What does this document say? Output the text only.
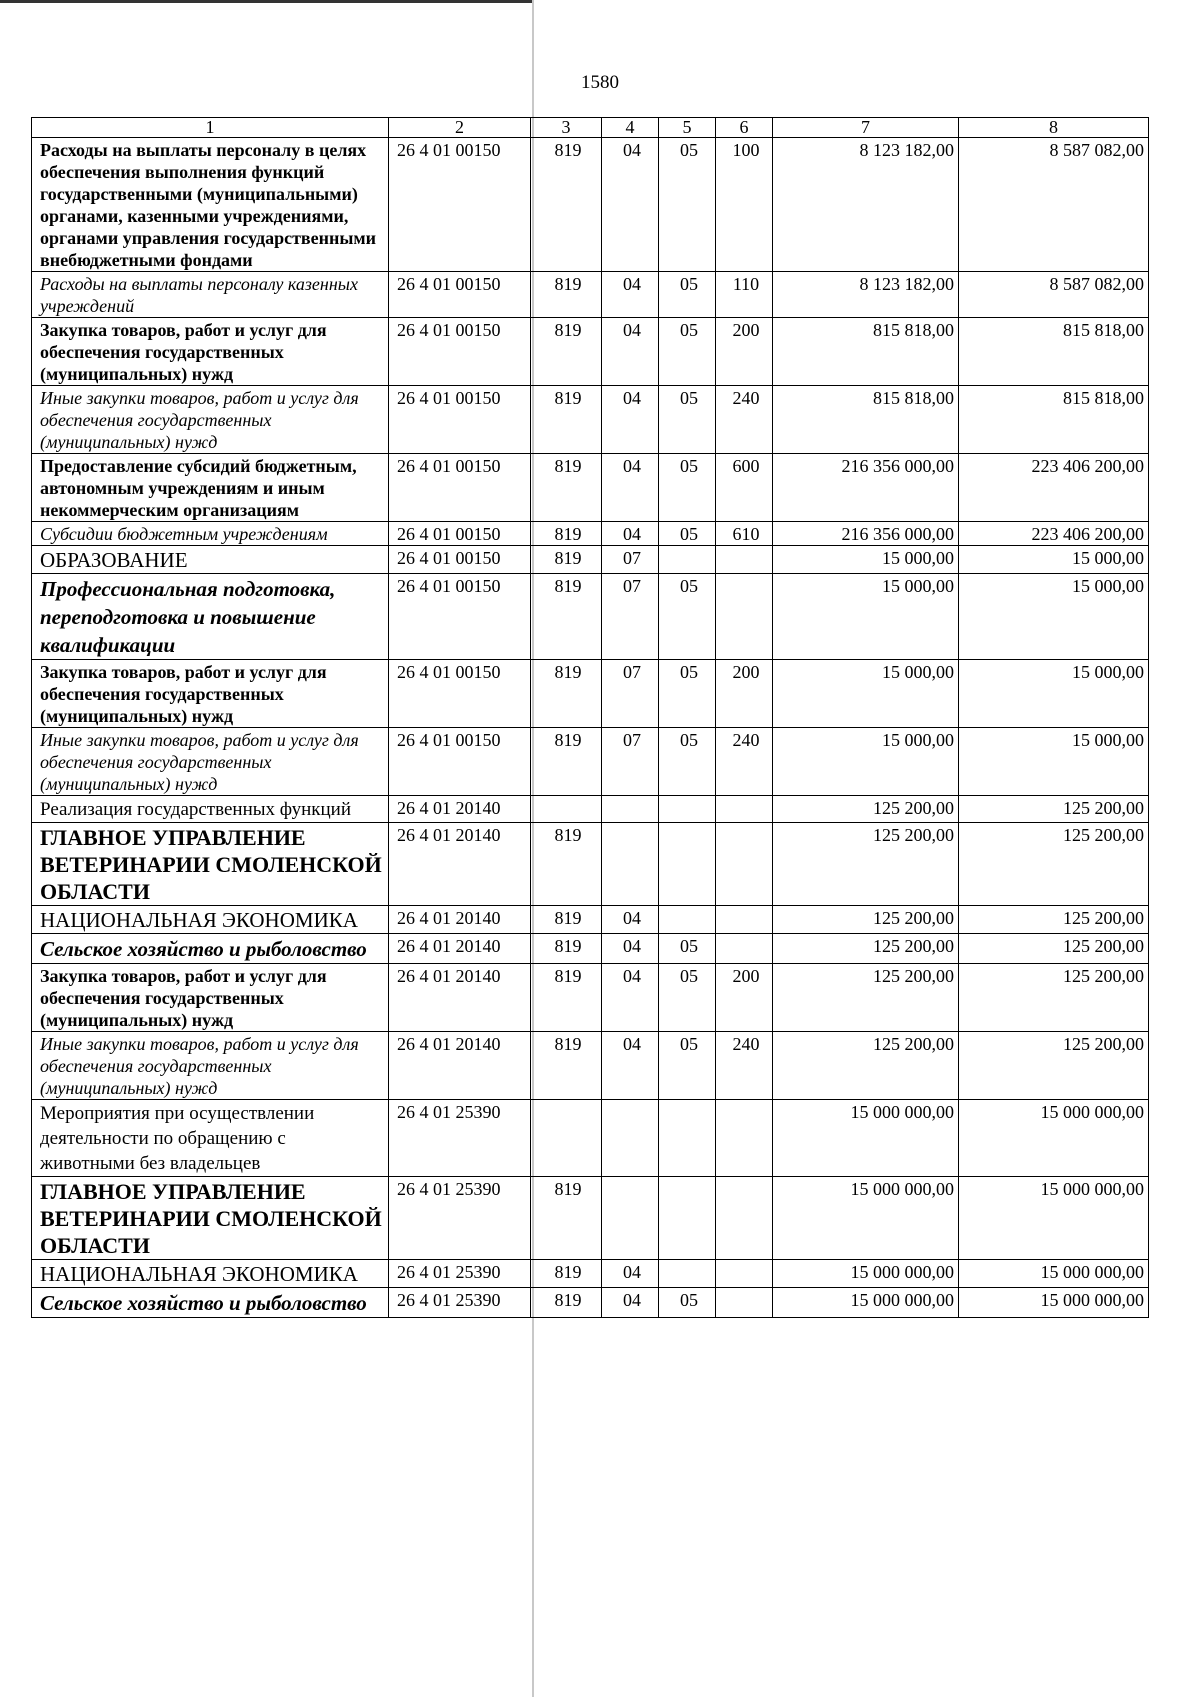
1580
1	2	3	4	5	6	7	8
Расходы на выплаты персоналу в целях обеспечения выполнения функций государственными (муниципальными) органами, казенными учреждениями, органами управления государственными внебюджетными фондами	26 4 01 00150	819	04	05	100	8 123 182,00	8 587 082,00
Расходы на выплаты персоналу казенных учреждений	26 4 01 00150	819	04	05	110	8 123 182,00	8 587 082,00
Закупка товаров, работ и услуг для обеспечения государственных (муниципальных) нужд	26 4 01 00150	819	04	05	200	815 818,00	815 818,00
Иные закупки товаров, работ и услуг для обеспечения государственных (муниципальных) нужд	26 4 01 00150	819	04	05	240	815 818,00	815 818,00
Предоставление субсидий бюджетным, автономным учреждениям и иным некоммерческим организациям	26 4 01 00150	819	04	05	600	216 356 000,00	223 406 200,00
Субсидии бюджетным учреждениям	26 4 01 00150	819	04	05	610	216 356 000,00	223 406 200,00
ОБРАЗОВАНИЕ	26 4 01 00150	819	07			15 000,00	15 000,00
Профессиональная подготовка, переподготовка и повышение квалификации	26 4 01 00150	819	07	05		15 000,00	15 000,00
Закупка товаров, работ и услуг для обеспечения государственных (муниципальных) нужд	26 4 01 00150	819	07	05	200	15 000,00	15 000,00
Иные закупки товаров, работ и услуг для обеспечения государственных (муниципальных) нужд	26 4 01 00150	819	07	05	240	15 000,00	15 000,00
Реализация государственных функций	26 4 01 20140					125 200,00	125 200,00
ГЛАВНОЕ УПРАВЛЕНИЕ ВЕТЕРИНАРИИ СМОЛЕНСКОЙ ОБЛАСТИ	26 4 01 20140	819				125 200,00	125 200,00
НАЦИОНАЛЬНАЯ ЭКОНОМИКА	26 4 01 20140	819	04			125 200,00	125 200,00
Сельское хозяйство и рыболовство	26 4 01 20140	819	04	05		125 200,00	125 200,00
Закупка товаров, работ и услуг для обеспечения государственных (муниципальных) нужд	26 4 01 20140	819	04	05	200	125 200,00	125 200,00
Иные закупки товаров, работ и услуг для обеспечения государственных (муниципальных) нужд	26 4 01 20140	819	04	05	240	125 200,00	125 200,00
Мероприятия при осуществлении деятельности по обращению с животными без владельцев	26 4 01 25390					15 000 000,00	15 000 000,00
ГЛАВНОЕ УПРАВЛЕНИЕ ВЕТЕРИНАРИИ СМОЛЕНСКОЙ ОБЛАСТИ	26 4 01 25390	819				15 000 000,00	15 000 000,00
НАЦИОНАЛЬНАЯ ЭКОНОМИКА	26 4 01 25390	819	04			15 000 000,00	15 000 000,00
Сельское хозяйство и рыболовство	26 4 01 25390	819	04	05		15 000 000,00	15 000 000,00
